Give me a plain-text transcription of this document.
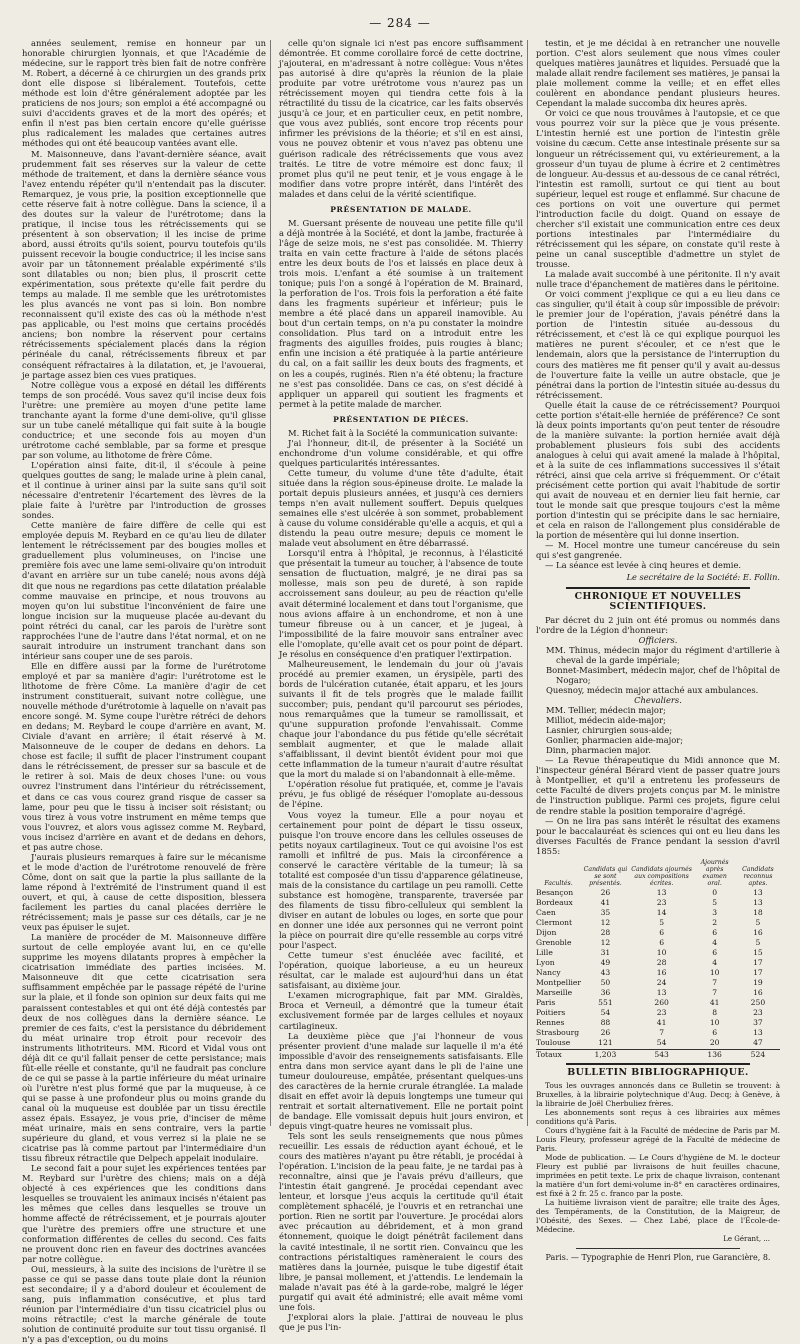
— 284 —

années seulement, remise en honneur par un honorable chirurgien lyonnais, et que l'Académie de médecine, sur le rapport très bien fait de notre confrère M. Robert, a décerné à ce chirurgien un des grands prix dont elle dispose si libéralement. Toutefois, cette méthode est loin d'être généralement adoptée par les praticiens de nos jours; son emploi a été accompagné ou suivi d'accidents graves et de la mort des opérés; et enfin il n'est pas bien certain encore qu'elle guérisse plus radicalement les malades que certaines autres méthodes qui ont été beaucoup vantées avant elle.

M. Maisonneuve, dans l'avant-dernière séance, avait prudemment fait ses réserves sur la valeur de cette méthode de traitement, et dans la dernière séance vous l'avez entendu répéter qu'il n'entendait pas la discuter. Remarquez, je vous prie, la position exceptionnelle que cette réserve fait à notre collègue. Dans la science, il a des doutes sur la valeur de l'urétrotome; dans la pratique, il incise tous les rétrécissements qui se présentent à son observation; il les incise de prime abord, aussi étroits qu'ils soient, pourvu toutefois qu'ils puissent recevoir la bougie conductrice; il les incise sans avoir par un tâtonnement préalable expérimenté s'ils sont dilatables ou non; bien plus, il proscrit cette expérimentation, sous prétexte qu'elle fait perdre du temps au malade. Il me semble que les urétrotomistes les plus avancés ne vont pas si loin. Bon nombre reconnaissent qu'il existe des cas où la méthode n'est pas applicable, ou l'est moins que certains procédés anciens; bon nombre la réservent pour certains rétrécissements spécialement placés dans la région périnéale du canal, rétrécissements fibreux et par conséquent réfractaires à la dilatation, et, je l'avouerai, je partage assez bien ces vues pratiques.

Notre collègue vous a exposé en détail les différents temps de son procédé. Vous savez qu'il incise deux fois l'urètre: une première au moyen d'une petite lame tranchante ayant la forme d'une demi-olive, qu'il glisse sur un tube canelé métallique qui fait suite à la bougie conductrice; et une seconde fois au moyen d'un urétrotome caché semblable, par sa forme et presque par son volume, au lithotome de frère Côme.

L'opération ainsi faite, dit-il, il s'écoule à peine quelques gouttes de sang; le malade urine à plein canal, et il continue à uriner ainsi par la suite sans qu'il soit nécessaire d'entretenir l'écartement des lèvres de la plaie faite à l'urètre par l'introduction de grosses sondes.

Cette manière de faire diffère de celle qui est employée depuis M. Reybard en ce qu'au lieu de dilater lentement le rétrécissement par des bougies molles et graduellement plus volumineuses, on l'incise une première fois avec une lame semi-olivaire qu'on introduit d'avant en arrière sur un tube canelé; nous avons déjà dit que nous ne regardions pas cette dilatation préalable comme mauvaise en principe, et nous trouvons au moyen qu'on lui substitue l'inconvénient de faire une longue incision sur la muqueuse placée au-devant du point rétréci du canal, car les parois de l'urètre sont rapprochées l'une de l'autre dans l'état normal, et on ne saurait introduire un instrument tranchant dans son intérieur sans couper une de ses parois.

Elle en diffère aussi par la forme de l'urétrotome employé et par sa manière d'agir: l'urétrotome est le lithotome de frère Côme. La manière d'agir de cet instrument constituerait, suivant notre collègue, une nouvelle méthode d'urétrotomie à laquelle on n'avait pas encore songé. M. Syme coupe l'urètre rétréci de dehors en dedans; M. Reybard le coupe d'arrière en avant, M. Civiale d'avant en arrière; il était réservé à M. Maisonneuve de le couper de dedans en dehors. La chose est facile; il suffit de placer l'instrument coupant dans le rétrécissement, de presser sur sa bascule et de le retirer à soi. Mais de deux choses l'une: ou vous ouvrez l'instrument dans l'intérieur du rétrécissement, et dans ce cas vous courez grand risque de casser sa lame, pour peu que le tissu à inciser soit résistant; ou vous tirez à vous votre instrument en même temps que vous l'ouvrez, et alors vous agissez comme M. Reybard, vous incisez d'arrière en avant et de dedans en dehors, et pas autre chose.

J'aurais plusieurs remarques à faire sur le mécanisme et le mode d'action de l'urétrotome renouvelé de frère Côme, dont on sait que la partie la plus saillante de la lame répond à l'extrémité de l'instrument quand il est ouvert, et qui, à cause de cette disposition, blessera facilement les parties du canal placées derrière le rétrécissement; mais je passe sur ces détails, car je ne veux pas épuiser le sujet.

La manière de procéder de M. Maisonneuve diffère surtout de celle employée avant lui, en ce qu'elle supprime les moyens dilatants propres à empêcher la cicatrisation immédiate des parties incisées. M. Maisonneuve dit que cette cicatrisation sera suffisamment empêchée par le passage répété de l'urine sur la plaie, et il fonde son opinion sur deux faits qui me paraissent contestables et qui ont été déjà contestés par deux de nos collègues dans la dernière séance. Le premier de ces faits, c'est la persistance du débridement du méat urinaire trop étroit pour recevoir des instruments lithotriteurs. MM. Ricord et Vidal vous ont déjà dit ce qu'il fallait penser de cette persistance; mais fût-elle réelle et constante, qu'il ne faudrait pas conclure de ce qui se passe à la partie inférieure du méat urinaire où l'urètre n'est plus formé que par la muqueuse, à ce qui se passe à une profondeur plus ou moins grande du canal où la muqueuse est doublée par un tissu érectile assez épais. Essayez, je vous prie, d'inciser de même méat urinaire, mais en sens contraire, vers la partie supérieure du gland, et vous verrez si la plaie ne se cicatrise pas là comme partout par l'intermédiaire d'un tissu fibreux rétractile que Delpech appelait inodulaire.

Le second fait a pour sujet les expériences tentées par M. Reybard sur l'urètre des chiens; mais on a déjà objecté à ces expériences que les conditions dans lesquelles se trouvaient les animaux incisés n'étaient pas les mêmes que celles dans lesquelles se trouve un homme affecté de rétrécissement, et je pourrais ajouter que l'urètre des premiers offre une structure et une conformation différentes de celles du second. Ces faits ne prouvent donc rien en faveur des doctrines avancées par notre collègue.

Oui, messieurs, à la suite des incisions de l'urètre il se passe ce qui se passe dans toute plaie dont la réunion est secondaire; il y a d'abord douleur et écoulement de sang, puis inflammation consécutive, et plus tard réunion par l'intermédiaire d'un tissu cicatriciel plus ou moins rétractile; c'est la marche générale de toute solution de continuité produite sur tout tissu organisé. Il n'y a pas d'exception, ou du moins

celle qu'on signale ici n'est pas encore suffisamment démontrée. Et comme corollaire forcé de cette doctrine, j'ajouterai, en m'adressant à notre collègue: Vous n'êtes pas autorisé à dire qu'après la réunion de la plaie produite par votre urétrotome vous n'aurez pas un rétrécissement moyen qui tiendra cette fois à la rétractilité du tissu de la cicatrice, car les faits observés jusqu'à ce jour, et en particulier ceux, en petit nombre, que vous avez publiés, sont encore trop récents pour infirmer les prévisions de la théorie; et s'il en est ainsi, vous ne pouvez obtenir et vous n'avez pas obtenu une guérison radicale des rétrécissements que vous avez traités. Le titre de votre mémoire est donc faux; il promet plus qu'il ne peut tenir, et je vous engage à le modifier dans votre propre intérêt, dans l'intérêt des malades et dans celui de la vérité scientifique.

PRÉSENTATION DE MALADE.

M. Guersant présente de nouveau une petite fille qu'il a déjà montrée à la Société, et dont la jambe, fracturée à l'âge de seize mois, ne s'est pas consolidée. M. Thierry traita en vain cette fracture à l'aide de sétons placés entre les deux bouts de l'os et laissés en place deux à trois mois. L'enfant a été soumise à un traitement tonique; puis l'on a songé à l'opération de M. Brainard, la perforation de l'os. Trois fois la perforation a été faite dans les fragments supérieur et inférieur; puis le membre a été placé dans un appareil inamovible. Au bout d'un certain temps, on n'a pu constater la moindre consolidation. Plus tard on a introduit entre les fragments des aiguilles froides, puis rougies à blanc; enfin une incision a été pratiquée à la partie antérieure du cal, on a fait saillir les deux bouts des fragments, et on les a coupés, ruginés. Rien n'a été obtenu; la fracture ne s'est pas consolidée. Dans ce cas, on s'est décidé à appliquer un appareil qui soutient les fragments et permet à la petite malade de marcher.

PRÉSENTATION DE PIÈCES.

M. Richet fait à la Société la communication suivante:

J'ai l'honneur, dit-il, de présenter à la Société un enchondrome d'un volume considérable, et qui offre quelques particularités intéressantes.

Cette tumeur, du volume d'une tête d'adulte, était située dans la région sous-épineuse droite. Le malade la portait depuis plusieurs années, et jusqu'à ces derniers temps n'en avait nullement souffert. Depuis quelques semaines elle s'est ulcérée à son sommet, probablement à cause du volume considérable qu'elle a acquis, et qui a distendu la peau outre mesure; depuis ce moment le malade veut absolument en être débarrassé.

Lorsqu'il entra à l'hôpital, je reconnus, à l'élasticité que présentait la tumeur au toucher, à l'absence de toute sensation de fluctuation, malgré, je ne dirai pas sa mollesse, mais son peu de dureté, à son rapide accroissement sans douleur, au peu de réaction qu'elle avait déterminé localement et dans tout l'organisme, que nous avions affaire à un enchondrome, et non à une tumeur fibreuse ou à un cancer, et je jugeai, à l'impossibilité de la faire mouvoir sans entraîner avec elle l'omoplate, qu'elle avait cet os pour point de départ. Je résolus en conséquence d'en pratiquer l'extirpation.

Malheureusement, le lendemain du jour où j'avais procédé au premier examen, un érysipèle, parti des bords de l'ulcération cutanée, était apparu, et les jours suivants il fit de tels progrès que le malade faillit succomber; puis, pendant qu'il parcourut ses périodes, nous remarquâmes que la tumeur se ramollissait, et qu'une suppuration profonde l'envahissait. Comme chaque jour l'abondance du pus fétide qu'elle sécrétait semblait augmenter, et que le malade allait s'affaiblissant, il devint bientôt évident pour moi que cette inflammation de la tumeur n'aurait d'autre résultat que la mort du malade si on l'abandonnait à elle-même.

L'opération résolue fut pratiquée, et, comme je l'avais prévu, je fus obligé de réséquer l'omoplate au-dessous de l'épine.

Vous voyez la tumeur. Elle a pour noyau et certainement pour point de départ le tissu osseux, puisque l'on trouve encore dans les cellules osseuses de petits noyaux cartilagineux. Tout ce qui avoisine l'os est ramolli et infiltré de pus. Mais la circonférence a conservé le caractère véritable de la tumeur; là sa totalité est composée d'un tissu d'apparence gélatineuse, mais de la consistance du cartilage un peu ramolli. Cette substance est homogène, transparente, traversée par des filaments de tissu fibro-celluleux qui semblent la diviser en autant de lobules ou loges, en sorte que pour en donner une idée aux personnes qui ne verront point la pièce on pourrait dire qu'elle ressemble au corps vitré pour l'aspect.

Cette tumeur s'est énucléée avec facilité, et l'opération, quoique laborieuse, a eu un heureux résultat, car le malade est aujourd'hui dans un état satisfaisant, au dixième jour.

L'examen micrographique, fait par MM. Giraldès, Broca et Verneuil, a démontré que la tumeur était exclusivement formée par de larges cellules et noyaux cartilagineux.

La deuxième pièce que j'ai l'honneur de vous présenter provient d'une malade sur laquelle il m'a été impossible d'avoir des renseignements satisfaisants. Elle entra dans mon service ayant dans le pli de l'aine une tumeur douloureuse, empâtée, présentant quelques-uns des caractères de la hernie crurale étranglée. La malade disait en effet avoir là depuis longtemps une tumeur qui rentrait et sortait alternativement. Elle ne portait point de bandage. Elle vomissait depuis huit jours environ, et depuis vingt-quatre heures ne vomissait plus.

Tels sont les seuls renseignements que nous pûmes recueillir. Les essais de réduction ayant échoué, et le cours des matières n'ayant pu être rétabli, je procédai à l'opération. L'incision de la peau faite, je ne tardai pas à reconnaître, ainsi que je l'avais prévu d'ailleurs, que l'intestin était gangrené. Je procédai cependant avec lenteur, et lorsque j'eus acquis la certitude qu'il était complètement sphacélé, je l'ouvris et en retranchai une portion. Rien ne sortit par l'ouverture. Je procédai alors avec précaution au débridement, et à mon grand étonnement, quoique le doigt pénétrât facilement dans la cavité intestinale, il ne sortit rien. Convaincu que les contractions péristaltiques ramèneraient le cours des matières dans la journée, puisque le tube digestif était libre, je pansai mollement, et j'attendis. Le lendemain la malade n'avait pas été à la garde-robe, malgré le léger purgatif qui avait été administré; elle avait même vomi une fois.

J'explorai alors la plaie. J'attirai de nouveau le plus que je pus l'in-

testin, et je me décidai à en retrancher une nouvelle portion. C'est alors seulement que nous vîmes couler quelques matières jaunâtres et liquides. Persuadé que la malade allait rendre facilement ses matières, je pansai la plaie mollement comme la veille; et en effet elles coulèrent en abondance pendant plusieurs heures. Cependant la malade succomba dix heures après.

Or voici ce que nous trouvâmes à l'autopsie, et ce que vous pourrez voir sur la pièce que je vous présente. L'intestin hernié est une portion de l'intestin grêle voisine du cæcum. Cette anse intestinale présente sur sa longueur un rétrécissement qui, vu extérieurement, a la grosseur d'un tuyau de plume à écrire et 2 centimètres de longueur. Au-dessus et au-dessous de ce canal rétréci, l'intestin est ramolli, surtout ce qui tient au bout supérieur, lequel est rouge et enflammé. Sur chacune de ces portions on voit une ouverture qui permet l'introduction facile du doigt. Quand on essaye de chercher s'il existait une communication entre ces deux portions intestinales par l'intermédiaire du rétrécissement qui les sépare, on constate qu'il reste à peine un canal susceptible d'admettre un stylet de trousse.

La malade avait succombé à une péritonite. Il n'y avait nulle trace d'épanchement de matières dans le péritoine.

Or voici comment j'explique ce qui a eu lieu dans ce cas singulier, qu'il était à coup sûr impossible de prévoir: le premier jour de l'opération, j'avais pénétré dans la portion de l'intestin située au-dessous du rétrécissement, et c'est là ce qui explique pourquoi les matières ne purent s'écouler, et ce n'est que le lendemain, alors que la persistance de l'interruption du cours des matières me fit penser qu'il y avait au-dessus de l'ouverture faite la veille un autre obstacle, que je pénétrai dans la portion de l'intestin située au-dessus du rétrécissement.

Quelle était la cause de ce rétrécissement? Pourquoi cette portion s'était-elle herniée de préférence? Ce sont là deux points importants qu'on peut tenter de résoudre de la manière suivante: la portion herniée avait déjà probablement plusieurs fois subi des accidents analogues à celui qui avait amené la malade à l'hôpital, et à la suite de ces inflammations successives il s'était rétréci, ainsi que cela arrive si fréquemment. Or c'était précisément cette portion qui avait l'habitude de sortir qui avait de nouveau et en dernier lieu fait hernie, car tout le monde sait que presque toujours c'est la même portion d'intestin qui se précipite dans le sac herniaire, et cela en raison de l'allongement plus considérable de la portion de mésentère qui lui donne insertion.

— M. Hocel montre une tumeur cancéreuse du sein qui s'est gangrenée.

— La séance est levée à cinq heures et demie.

Le secrétaire de la Société: E. Follin.
CHRONIQUE ET NOUVELLES SCIENTIFIQUES.

Par décret du 2 juin ont été promus ou nommés dans l'ordre de la Légion d'honneur:

Officiers.
MM. Thinus, médecin major du régiment d'artillerie à cheval de la garde impériale;
Bonnet-Masimbert, médecin major, chef de l'hôpital de Nogaro;
Quesnoy, médecin major attaché aux ambulances.
Chevaliers.
MM. Tellier, médecin major;
Milliot, médecin aide-major;
Lasnier, chirurgien sous-aide;
Gonlier, pharmacien aide-major;
Dinn, pharmacien major.

— La Revue thérapeutique du Midi annonce que M. l'inspecteur général Bérard vient de passer quatre jours à Montpellier, et qu'il a entretenu les professeurs de cette Faculté de divers projets conçus par M. le ministre de l'instruction publique. Parmi ces projets, figure celui de rendre stable la position temporaire d'agrégé.

— On ne lira pas sans intérêt le résultat des examens pour le baccalauréat ès sciences qui ont eu lieu dans les diverses Facultés de France pendant la session d'avril 1855:

Facultés.	Candidats qui se sont présentés.	Candidats ajournés aux compositions écrites.	Ajournés après examen oral.	Candidats reconnus aptes.
Besançon	26	13	0	13
Bordeaux	41	23	5	13
Caen	35	14	3	18
Clermont	12	5	2	5
Dijon	28	6	6	16
Grenoble	12	6	4	5
Lille	31	10	6	15
Lyon	49	28	4	17
Nancy	43	16	10	17
Montpellier	50	24	7	19
Marseille	36	13	7	16
Paris	551	260	41	250
Poitiers	54	23	8	23
Rennes	88	41	10	37
Strasbourg	26	7	6	13
Toulouse	121	54	20	47
Totaux	1,203	543	136	524
BULLETIN BIBLIOGRAPHIQUE.

Tous les ouvrages annoncés dans ce Bulletin se trouvent: à Bruxelles, à la librairie polytechnique d'Aug. Decq; à Genève, à la librairie de Joël Cherbuliez frères.

Les abonnements sont reçus à ces librairies aux mêmes conditions qu'à Paris.

Cours d'hygiène fait à la Faculté de médecine de Paris par M. Louis Fleury, professeur agrégé de la Faculté de médecine de Paris.

Mode de publication. — Le Cours d'hygiène de M. le docteur Fleury est publié par livraisons de huit feuilles chacune, imprimées en petit texte. Le prix de chaque livraison, contenant la matière d'un fort demi-volume in-8° en caractères ordinaires, est fixé à 2 fr. 25 c. franco par la poste.

La huitième livraison vient de paraître; elle traite des Âges, des Tempéraments, de la Constitution, de la Maigreur, de l'Obésité, des Sexes. — Chez Labé, place de l'École-de-Médecine.

Le Gérant, ...
Paris. — Typographie de Henri Plon, rue Garancière, 8.
